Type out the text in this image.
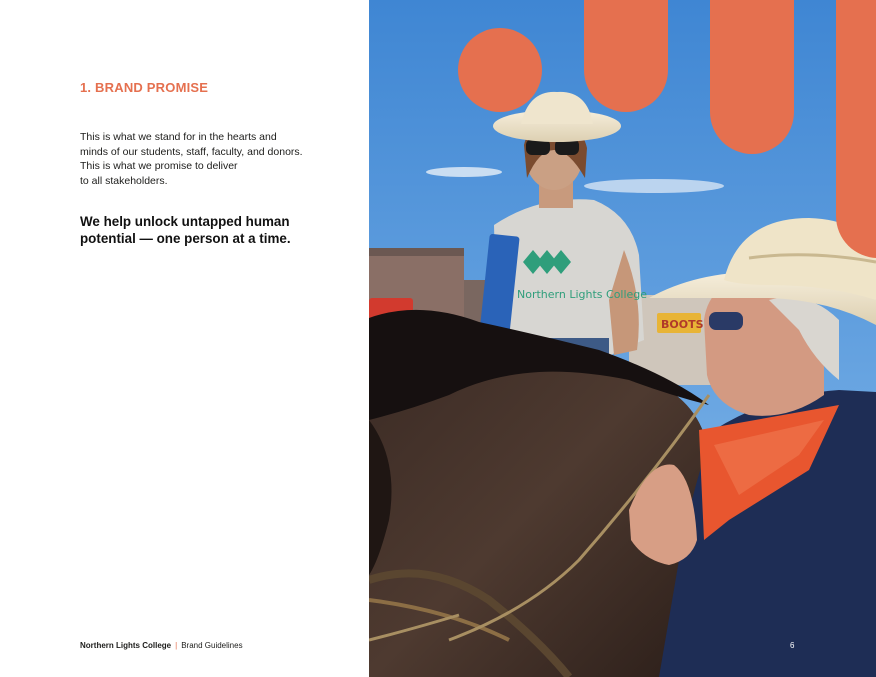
1. BRAND PROMISE

This is what we stand for in the hearts and
minds of our students, staff, faculty, and donors.
This is what we promise to deliver
to all stakeholders.

We help unlock untapped human
potential — one person at a time.

Northern Lights College | Brand Guidelines
BOOTS
Northern Lights College
6
